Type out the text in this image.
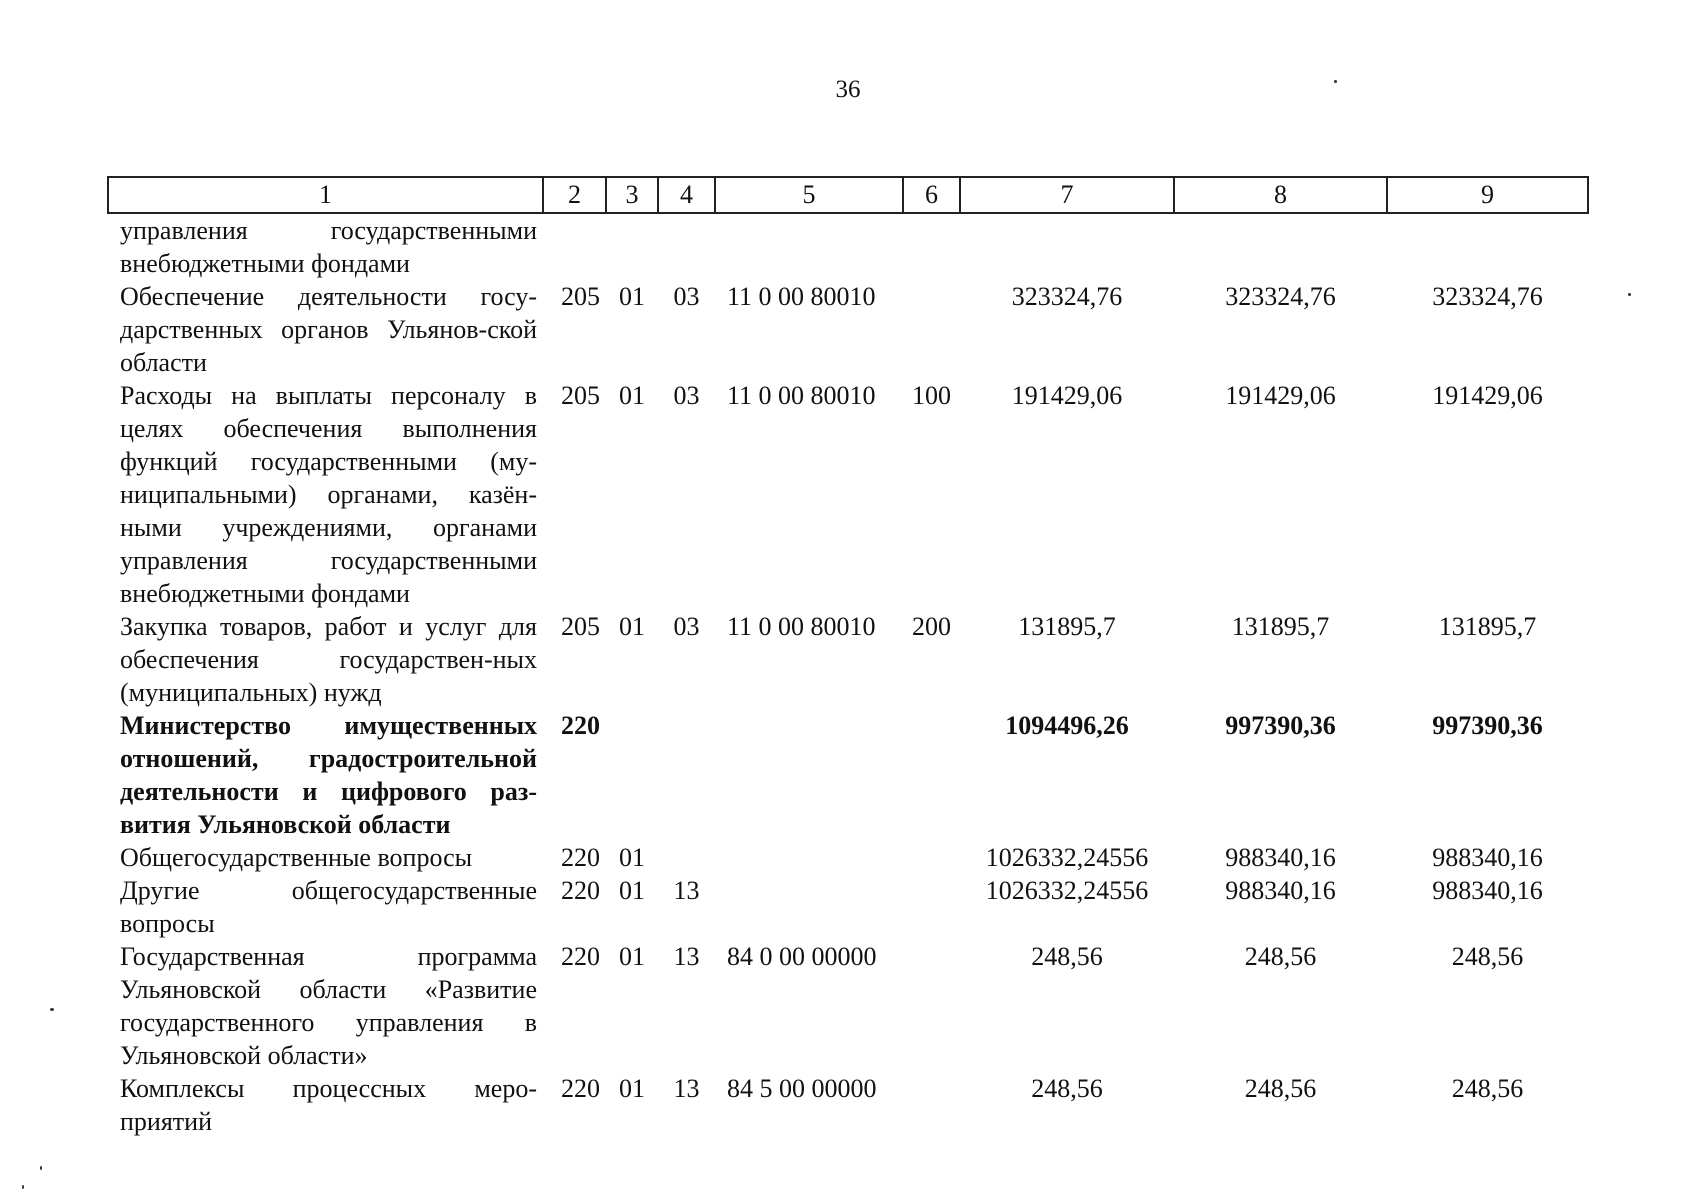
36
1	2	3	4	5	6	7	8	9
управления государственными внебюджетными фондами								
Обеспечение деятельности госу-дарственных органов Ульянов-ской области	205	01	03	11 0 00 80010		323324,76	323324,76	323324,76
Расходы на выплаты персоналу в целях обеспечения выполнения функций государственными (му-ниципальными) органами, казён-ными учреждениями, органами управления государственными внебюджетными фондами	205	01	03	11 0 00 80010	100	191429,06	191429,06	191429,06
Закупка товаров, работ и услуг для обеспечения государствен-ных (муниципальных) нужд	205	01	03	11 0 00 80010	200	131895,7	131895,7	131895,7
Министерство имущественных отношений, градостроительной деятельности и цифрового раз-вития Ульяновской области	220					1094496,26	997390,36	997390,36
Общегосударственные вопросы	220	01				1026332,24556	988340,16	988340,16
Другие общегосударственные вопросы	220	01	13			1026332,24556	988340,16	988340,16
Государственная программа Ульяновской области «Развитие государственного управления в Ульяновской области»	220	01	13	84 0 00 00000		248,56	248,56	248,56
Комплексы процессных меро-приятий	220	01	13	84 5 00 00000		248,56	248,56	248,56
